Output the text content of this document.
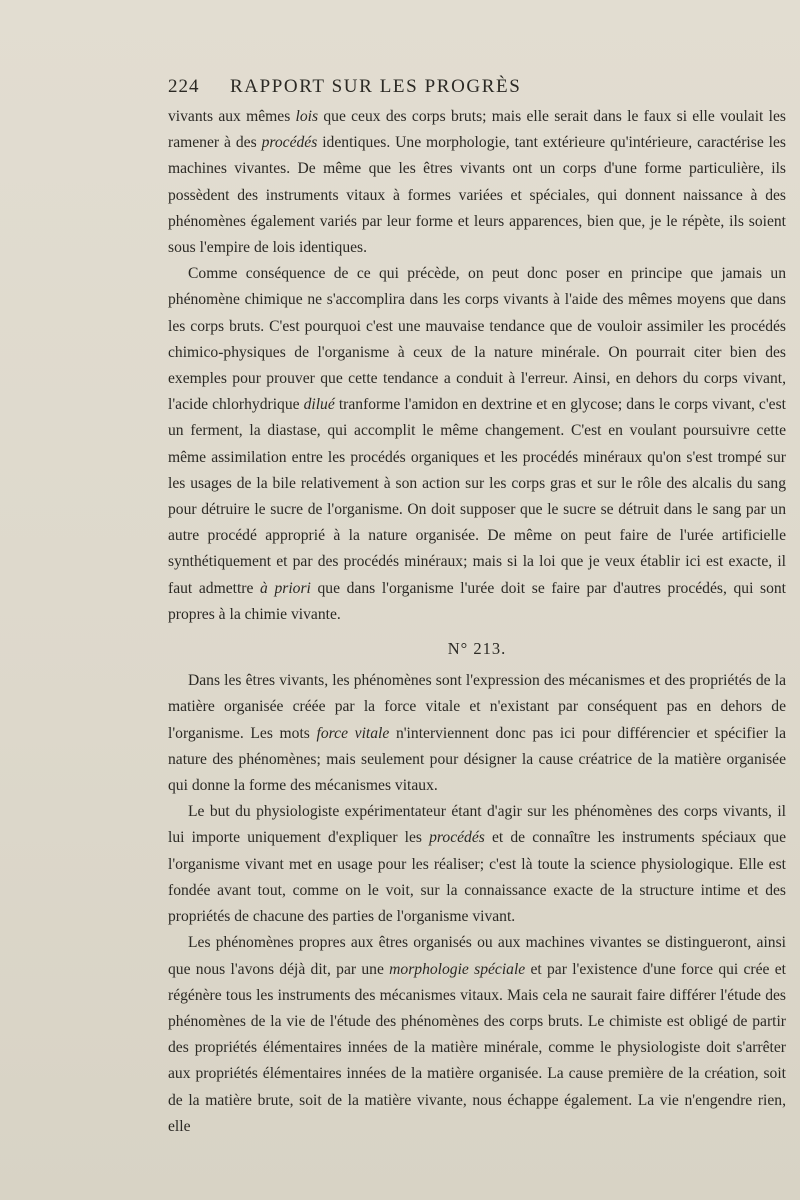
224 RAPPORT SUR LES PROGRÈS

vivants aux mêmes lois que ceux des corps bruts; mais elle serait dans le faux si elle voulait les ramener à des procédés identiques. Une morphologie, tant extérieure qu'intérieure, caractérise les machines vivantes. De même que les êtres vivants ont un corps d'une forme particulière, ils possèdent des instruments vitaux à formes variées et spéciales, qui donnent naissance à des phénomènes également variés par leur forme et leurs apparences, bien que, je le répète, ils soient sous l'empire de lois identiques.

Comme conséquence de ce qui précède, on peut donc poser en principe que jamais un phénomène chimique ne s'accomplira dans les corps vivants à l'aide des mêmes moyens que dans les corps bruts. C'est pourquoi c'est une mauvaise tendance que de vouloir assimiler les procédés chimico-physiques de l'organisme à ceux de la nature minérale. On pourrait citer bien des exemples pour prouver que cette tendance a conduit à l'erreur. Ainsi, en dehors du corps vivant, l'acide chlorhydrique dilué tranforme l'amidon en dextrine et en glycose; dans le corps vivant, c'est un ferment, la diastase, qui accomplit le même changement. C'est en voulant poursuivre cette même assimilation entre les procédés organiques et les procédés minéraux qu'on s'est trompé sur les usages de la bile relativement à son action sur les corps gras et sur le rôle des alcalis du sang pour détruire le sucre de l'organisme. On doit supposer que le sucre se détruit dans le sang par un autre procédé approprié à la nature organisée. De même on peut faire de l'urée artificielle synthétiquement et par des procédés minéraux; mais si la loi que je veux établir ici est exacte, il faut admettre à priori que dans l'organisme l'urée doit se faire par d'autres procédés, qui sont propres à la chimie vivante.

N° 213.

Dans les êtres vivants, les phénomènes sont l'expression des mécanismes et des propriétés de la matière organisée créée par la force vitale et n'existant par conséquent pas en dehors de l'organisme. Les mots force vitale n'interviennent donc pas ici pour différencier et spécifier la nature des phénomènes; mais seulement pour désigner la cause créatrice de la matière organisée qui donne la forme des mécanismes vitaux.

Le but du physiologiste expérimentateur étant d'agir sur les phénomènes des corps vivants, il lui importe uniquement d'expliquer les procédés et de connaître les instruments spéciaux que l'organisme vivant met en usage pour les réaliser; c'est là toute la science physiologique. Elle est fondée avant tout, comme on le voit, sur la connaissance exacte de la structure intime et des propriétés de chacune des parties de l'organisme vivant.

Les phénomènes propres aux êtres organisés ou aux machines vivantes se distingueront, ainsi que nous l'avons déjà dit, par une morphologie spéciale et par l'existence d'une force qui crée et régénère tous les instruments des mécanismes vitaux. Mais cela ne saurait faire différer l'étude des phénomènes de la vie de l'étude des phénomènes des corps bruts. Le chimiste est obligé de partir des propriétés élémentaires innées de la matière minérale, comme le physiologiste doit s'arrêter aux propriétés élémentaires innées de la matière organisée. La cause première de la création, soit de la matière brute, soit de la matière vivante, nous échappe également. La vie n'engendre rien, elle
